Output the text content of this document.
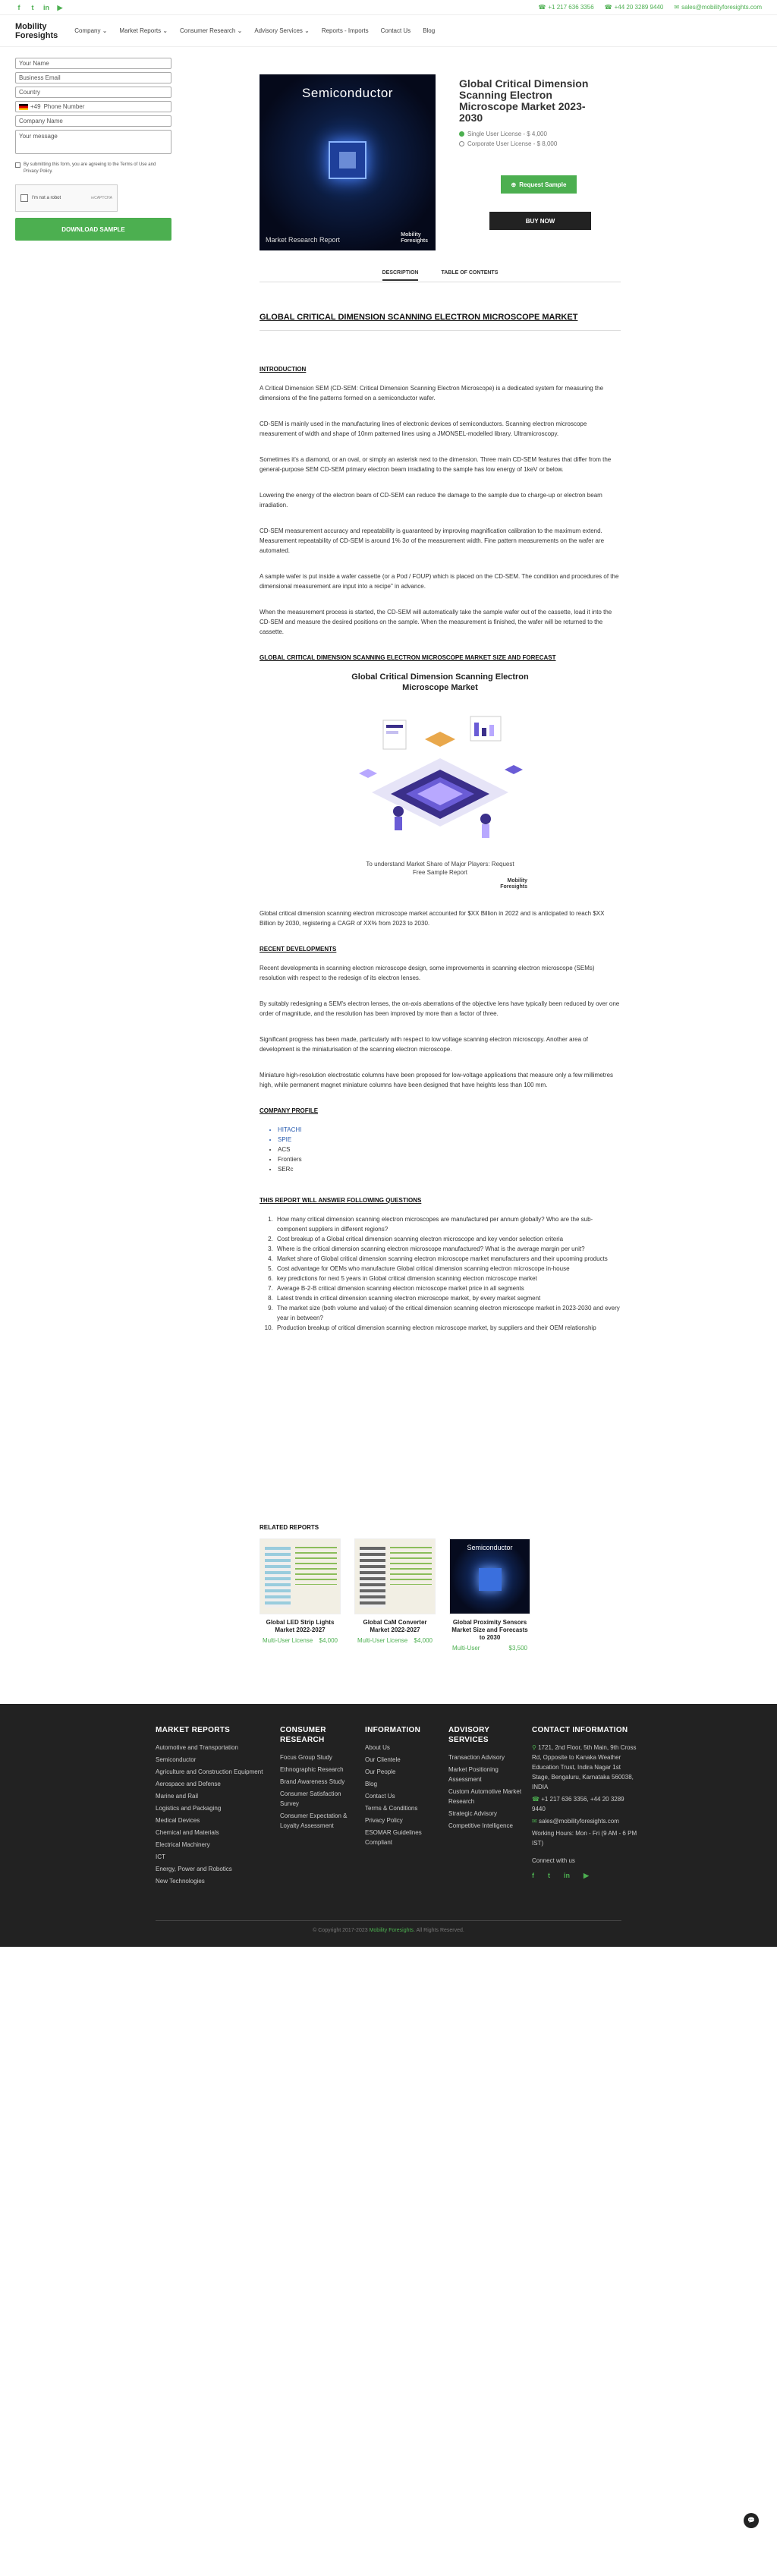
f	t	in ▶	☎ +1 217 636 3356 ☎ +44 20 3289 9440 ✉ sales@mobilityforesights.com
Mobility
Foresights	Company ⌄ Market Reports ⌄ Consumer Research ⌄ Advisory Services ⌄ Reports - Imports Contact Us Blog
Your Name
Business Email
Country
+49 Phone Number
Company Name
Your message
By submitting this form, you are agreeing to the Terms of Use and Privacy Policy.
I'm not a robot	reCAPTCHA
DOWNLOAD SAMPLE
Semiconductor
Market Research Report
Mobility
Foresights
Global Critical Dimension Scanning Electron Microscope Market 2023-2030
Single User License - $ 4,000
Corporate User License - $ 8,000
⊕ Request Sample
BUY NOW
DESCRIPTION	TABLE OF CONTENTS
GLOBAL CRITICAL DIMENSION SCANNING ELECTRON MICROSCOPE MARKET
INTRODUCTION

A Critical Dimension SEM (CD-SEM: Critical Dimension Scanning Electron Microscope) is a dedicated system for measuring the dimensions of the fine patterns formed on a semiconductor wafer.

CD-SEM is mainly used in the manufacturing lines of electronic devices of semiconductors. Scanning electron microscope measurement of width and shape of 10nm patterned lines using a JMONSEL-modelled library. Ultramicroscopy.

Sometimes it's a diamond, or an oval, or simply an asterisk next to the dimension. Three main CD-SEM features that differ from the general-purpose SEM CD-SEM primary electron beam irradiating to the sample has low energy of 1keV or below.

Lowering the energy of the electron beam of CD-SEM can reduce the damage to the sample due to charge-up or electron beam irradiation.

CD-SEM measurement accuracy and repeatability is guaranteed by improving magnification calibration to the maximum extend. Measurement repeatability of CD-SEM is around 1% 3σ of the measurement width. Fine pattern measurements on the wafer are automated.

A sample wafer is put inside a wafer cassette (or a Pod / FOUP) which is placed on the CD-SEM. The condition and procedures of the dimensional measurement are input into a recipe" in advance.

When the measurement process is started, the CD-SEM will automatically take the sample wafer out of the cassette, load it into the CD-SEM and measure the desired positions on the sample. When the measurement is finished, the wafer will be returned to the cassette.

GLOBAL CRITICAL DIMENSION SCANNING ELECTRON MICROSCOPE MARKET SIZE AND FORECAST
Global Critical Dimension Scanning Electron Microscope Market
To understand Market Share of Major Players: Request Free Sample Report
Mobility
Foresights

Global critical dimension scanning electron microscope market accounted for $XX Billion in 2022 and is anticipated to reach $XX Billion by 2030, registering a CAGR of XX% from 2023 to 2030.

RECENT DEVELOPMENTS

Recent developments in scanning electron microscope design, some improvements in scanning electron microscope (SEMs) resolution with respect to the redesign of its electron lenses.

By suitably redesigning a SEM's electron lenses, the on-axis aberrations of the objective lens have typically been reduced by over one order of magnitude, and the resolution has been improved by more than a factor of three.

Significant progress has been made, particularly with respect to low voltage scanning electron microscopy. Another area of development is the miniaturisation of the scanning electron microscope.

Miniature high-resolution electrostatic columns have been proposed for low-voltage applications that measure only a few millimetres high, while permanent magnet miniature columns have been designed that have heights less than 100 mm.

COMPANY PROFILE
• HITACHI
• SPIE
• ACS
• Frontiers
• SERc
THIS REPORT WILL ANSWER FOLLOWING QUESTIONS
1. How many critical dimension scanning electron microscopes are manufactured per annum globally? Who are the sub-component suppliers in different regions?
2. Cost breakup of a Global critical dimension scanning electron microscope and key vendor selection criteria
3. Where is the critical dimension scanning electron microscope manufactured? What is the average margin per unit?
4. Market share of Global critical dimension scanning electron microscope market manufacturers and their upcoming products
5. Cost advantage for OEMs who manufacture Global critical dimension scanning electron microscope in-house
6. key predictions for next 5 years in Global critical dimension scanning electron microscope market
7. Average B-2-B critical dimension scanning electron microscope market price in all segments
8. Latest trends in critical dimension scanning electron microscope market, by every market segment
9. The market size (both volume and value) of the critical dimension scanning electron microscope market in 2023-2030 and every year in between?
10. Production breakup of critical dimension scanning electron microscope market, by suppliers and their OEM relationship
RELATED REPORTS
Global LED Strip Lights Market 2022-2027
Multi-User License $4,000
Global CaM Converter Market 2022-2027
Multi-User License $4,000
Semiconductor
Global Proximity Sensors Market Size and Forecasts to 2030
Multi-User	$3,500
MARKET REPORTS
Automotive and Transportation
Semiconductor
Agriculture and Construction Equipment
Aerospace and Defense
Marine and Rail
Logistics and Packaging
Medical Devices
Chemical and Materials
Electrical Machinery
ICT
Energy, Power and Robotics
New Technologies
CONSUMER RESEARCH
Focus Group Study
Ethnographic Research
Brand Awareness Study
Consumer Satisfaction Survey
Consumer Expectation & Loyalty Assessment
INFORMATION
About Us
Our Clientele
Our People
Blog
Contact Us
Terms & Conditions
Privacy Policy
ESOMAR Guidelines Compliant
ADVISORY SERVICES
Transaction Advisory
Market Positioning Assessment
Custom Automotive Market Research
Strategic Advisory
Competitive Intelligence
CONTACT INFORMATION
⚲ 1721, 2nd Floor, 5th Main, 9th Cross Rd, Opposite to Kanaka Weather Education Trust, Indira Nagar 1st Stage, Bengaluru, Karnataka 560038, INDIA
☎ +1 217 636 3356, +44 20 3289 9440
✉ sales@mobilityforesights.com
Working Hours: Mon - Fri (9 AM - 6 PM IST)
Connect with us
f t in ▶
© Copyright 2017-2023 Mobility Foresights. All Rights Reserved.
💬
